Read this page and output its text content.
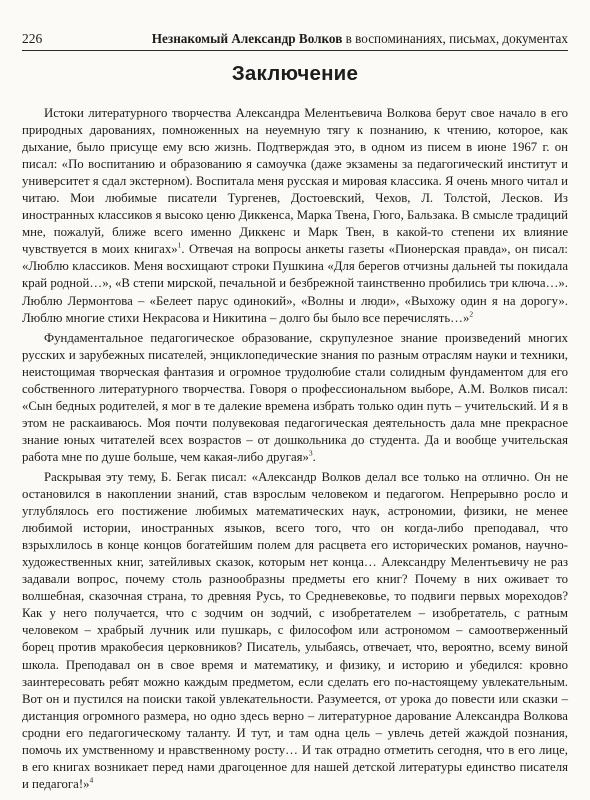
226	Незнакомый Александр Волков в воспоминаниях, письмах, документах
Заключение

Истоки литературного творчества Александра Мелентьевича Волкова берут свое начало в его природных дарованиях, помноженных на неуемную тягу к познанию, к чтению, которое, как дыхание, было присуще ему всю жизнь. Подтверждая это, в одном из писем в июне 1967 г. он писал: «По воспитанию и образованию я самоучка (даже экзамены за педагогический институт и университет я сдал экстерном). Воспитала меня русская и мировая классика. Я очень много читал и читаю. Мои любимые писатели Тургенев, Достоевский, Чехов, Л. Толстой, Лесков. Из иностранных классиков я высоко ценю Диккенса, Марка Твена, Гюго, Бальзака. В смысле традиций мне, пожалуй, ближе всего именно Диккенс и Марк Твен, в какой-то степени их влияние чувствуется в моих книгах»$^1$. Отвечая на вопросы анкеты газеты «Пионерская правда», он писал: «Люблю классиков. Меня восхищают строки Пушкина «Для берегов отчизны дальней ты покидала край родной…», «В степи мирской, печальной и безбрежной таинственно пробились три ключа…». Люблю Лермонтова – «Белеет парус одинокий», «Волны и люди», «Выхожу один я на дорогу». Люблю многие стихи Некрасова и Никитина – долго бы было все перечислять…»$^2$

Фундаментальное педагогическое образование, скрупулезное знание произведений многих русских и зарубежных писателей, энциклопедические знания по разным отраслям науки и техники, неистощимая творческая фантазия и огромное трудолюбие стали солидным фундаментом для его собственного литературного творчества. Говоря о профессиональном выборе, А.М. Волков писал: «Сын бедных родителей, я мог в те далекие времена избрать только один путь – учительский. И я в этом не раскаиваюсь. Моя почти полувековая педагогическая деятельность дала мне прекрасное знание юных читателей всех возрастов – от дошкольника до студента. Да и вообще учительская работа мне по душе больше, чем какая-либо другая»$^3$.

Раскрывая эту тему, Б. Бегак писал: «Александр Волков делал все только на отлично. Он не остановился в накоплении знаний, став взрослым человеком и педагогом. Непрерывно росло и углублялось его постижение любимых математических наук, астрономии, физики, не менее любимой истории, иностранных языков, всего того, что он когда-либо преподавал, что взрыхлилось в конце концов богатейшим полем для расцвета его исторических романов, научно-художественных книг, затейливых сказок, которым нет конца… Александру Мелентьевичу не раз задавали вопрос, почему столь разнообразны предметы его книг? Почему в них оживает то волшебная, сказочная страна, то древняя Русь, то Средневековье, то подвиги первых мореходов? Как у него получается, что с зодчим он зодчий, с изобретателем – изобретатель, с ратным человеком – храбрый лучник или пушкарь, с философом или астрономом – самоотверженный борец против мракобесия церковников? Писатель, улыбаясь, отвечает, что, вероятно, всему виной школа. Преподавал он в свое время и математику, и физику, и историю и убедился: кровно заинтересовать ребят можно каждым предметом, если сделать его по-настоящему увлекательным. Вот он и пустился на поиски такой увлекательности. Разумеется, от урока до повести или сказки – дистанция огромного размера, но одно здесь верно – литературное дарование Александра Волкова сродни его педагогическому таланту. И тут, и там одна цель – увлечь детей жаждой познания, помочь их умственному и нравственному росту… И так отрадно отметить сегодня, что в его лице, в его книгах возникает перед нами драгоценное для нашей детской литературы единство писателя и педагога!»$^4$
